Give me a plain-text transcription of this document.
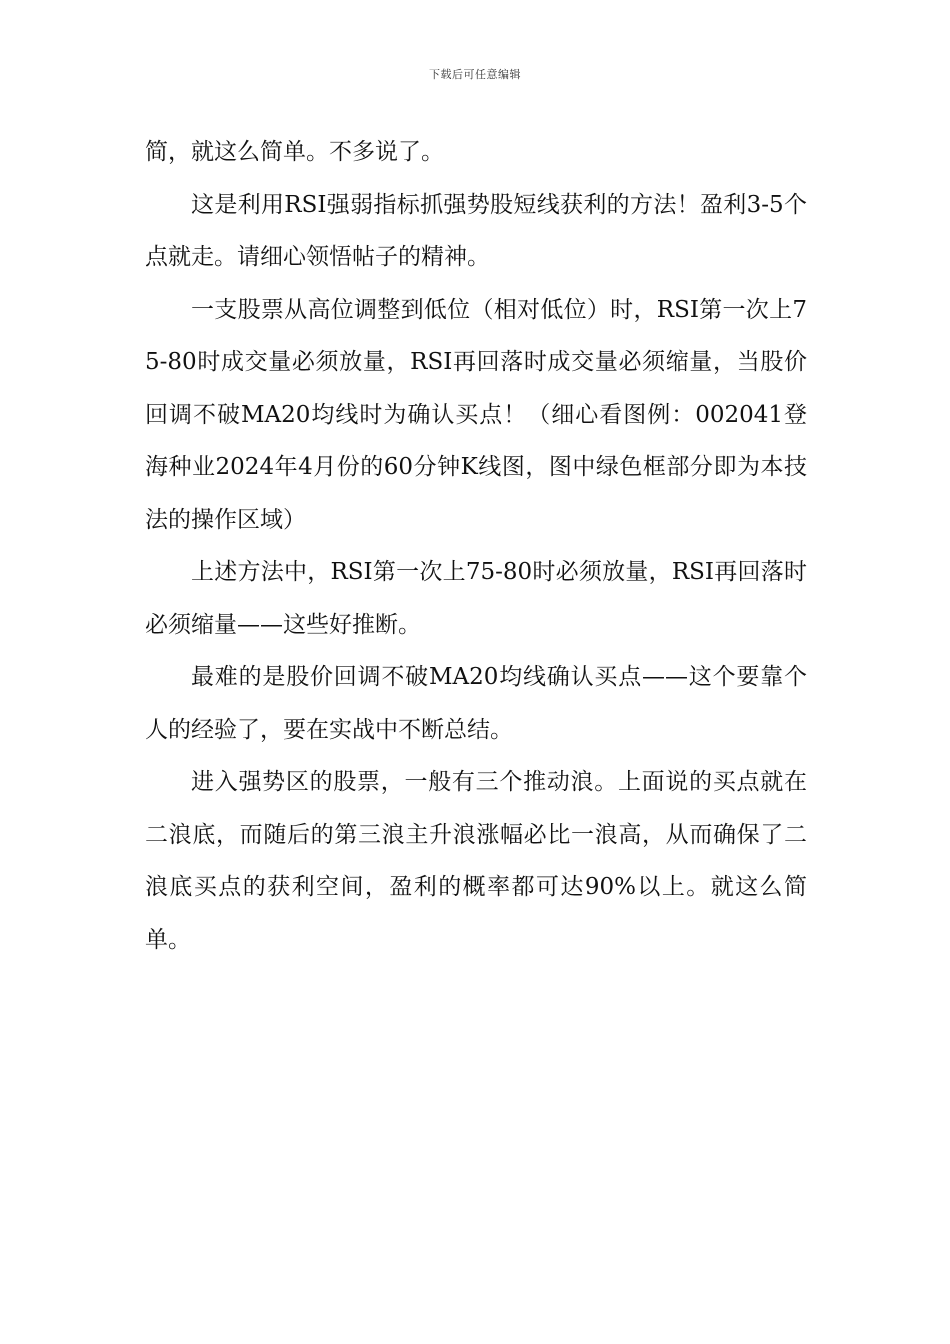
下载后可任意编辑

简，就这么简单。不多说了。

这是利用RSI强弱指标抓强势股短线获利的方法！盈利3-5个点就走。请细心领悟帖子的精神。

一支股票从高位调整到低位（相对低位）时，RSI第一次上75-80时成交量必须放量，RSI再回落时成交量必须缩量，当股价回调不破MA20均线时为确认买点！（细心看图例：002041登海种业2024年4月份的60分钟K线图，图中绿色框部分即为本技法的操作区域）

上述方法中，RSI第一次上75-80时必须放量，RSI再回落时必须缩量——这些好推断。

最难的是股价回调不破MA20均线确认买点——这个要靠个人的经验了，要在实战中不断总结。

进入强势区的股票，一般有三个推动浪。上面说的买点就在二浪底，而随后的第三浪主升浪涨幅必比一浪高，从而确保了二浪底买点的获利空间，盈利的概率都可达90%以上。就这么简单。
